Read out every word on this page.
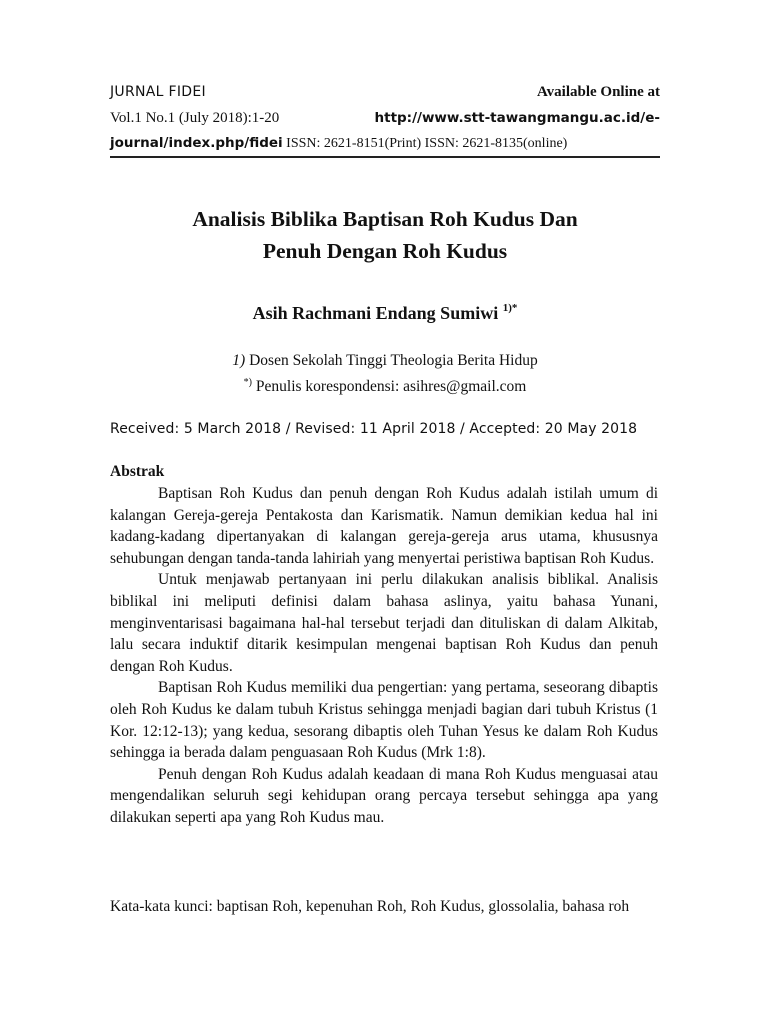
JURNAL FIDEI	Available Online at
Vol.1 No.1 (July 2018):1-20	http://www.stt-tawangmangu.ac.id/e-
journal/index.php/fidei ISSN: 2621-8151(Print) ISSN: 2621-8135(online)
Analisis Biblika Baptisan Roh Kudus Dan
Penuh Dengan Roh Kudus
Asih Rachmani Endang Sumiwi $^{1)*}$
1) Dosen Sekolah Tinggi Theologia Berita Hidup
*) Penulis korespondensi: asihres@gmail.com
Received: 5 March 2018 / Revised: 11 April 2018 / Accepted: 20 May 2018
Abstrak

Baptisan Roh Kudus dan penuh dengan Roh Kudus adalah istilah umum di kalangan Gereja-gereja Pentakosta dan Karismatik. Namun demikian kedua hal ini kadang-kadang dipertanyakan di kalangan gereja-gereja arus utama, khususnya sehubungan dengan tanda-tanda lahiriah yang menyertai peristiwa baptisan Roh Kudus.

Untuk menjawab pertanyaan ini perlu dilakukan analisis biblikal. Analisis biblikal ini meliputi definisi dalam bahasa aslinya, yaitu bahasa Yunani, menginventarisasi bagaimana hal-hal tersebut terjadi dan dituliskan di dalam Alkitab, lalu secara induktif ditarik kesimpulan mengenai baptisan Roh Kudus dan penuh dengan Roh Kudus.

Baptisan Roh Kudus memiliki dua pengertian: yang pertama, seseorang dibaptis oleh Roh Kudus ke dalam tubuh Kristus sehingga menjadi bagian dari tubuh Kristus (1 Kor. 12:12-13); yang kedua, sesorang dibaptis oleh Tuhan Yesus ke dalam Roh Kudus sehingga ia berada dalam penguasaan Roh Kudus (Mrk 1:8).

Penuh dengan Roh Kudus adalah keadaan di mana Roh Kudus menguasai atau mengendalikan seluruh segi kehidupan orang percaya tersebut sehingga apa yang dilakukan seperti apa yang Roh Kudus mau.

Kata-kata kunci: baptisan Roh, kepenuhan Roh, Roh Kudus, glossolalia, bahasa roh
